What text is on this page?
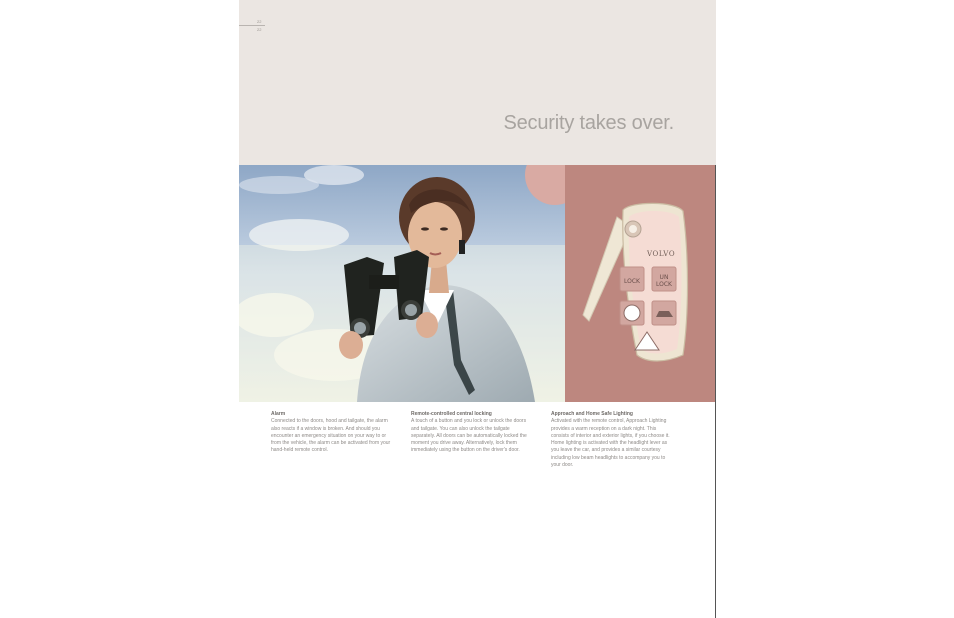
22
22
Security takes over.
VOLVO
LOCK
UN
LOCK
Alarm
Connected to the doors, hood and tailgate, the alarm also reacts if a window is broken. And should you encounter an emergency situation on your way to or from the vehicle, the alarm can be activated from your hand-held remote control.
Remote-controlled central locking
A touch of a button and you lock or unlock the doors and tailgate. You can also unlock the tailgate separately. All doors can be automatically locked the moment you drive away. Alternatively, lock them immediately using the button on the driver's door.
Approach and Home Safe Lighting
Activated with the remote control, Approach Lighting provides a warm reception on a dark night. This consists of interior and exterior lights, if you choose it. Home lighting is activated with the headlight lever as you leave the car, and provides a similar courtesy including low beam headlights to accompany you to your door.
